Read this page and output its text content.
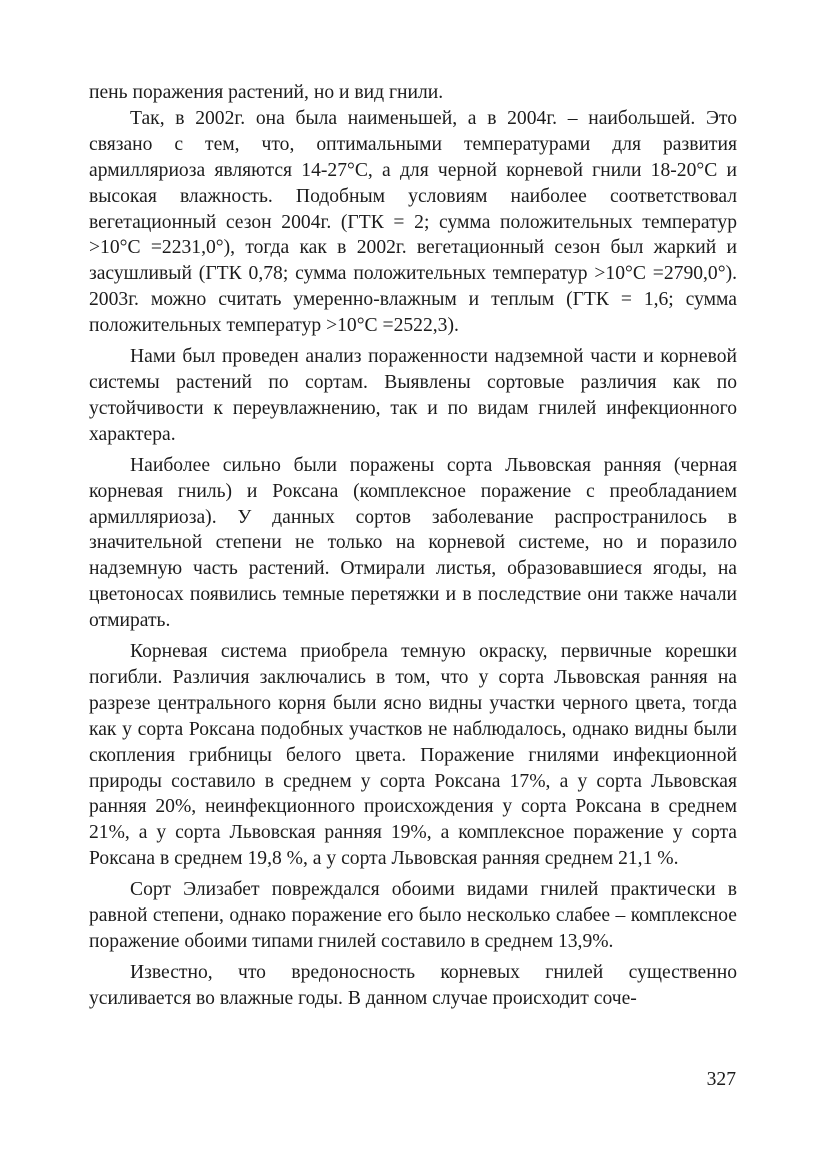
пень поражения растений, но и вид гнили.

Так, в 2002г. она была наименьшей, а в 2004г. – наибольшей. Это связано с тем, что, оптимальными температурами для развития армилляриоза являются 14-27°С, а для черной корневой гнили 18-20°С и высокая влажность. Подобным условиям наиболее соответствовал вегетационный сезон 2004г. (ГТК = 2; сумма положительных температур >10°С =2231,0°), тогда как в 2002г. вегетационный сезон был жаркий и засушливый (ГТК 0,78; сумма положительных температур >10°С =2790,0°). 2003г. можно считать умеренно-влажным и теплым (ГТК = 1,6; сумма положительных температур >10°С =2522,3).

Нами был проведен анализ пораженности надземной части и корневой системы растений по сортам. Выявлены сортовые различия как по устойчивости к переувлажнению, так и по видам гнилей инфекционного характера.

Наиболее сильно были поражены сорта Львовская ранняя (черная корневая гниль) и Роксана (комплексное поражение с преобладанием армилляриоза). У данных сортов заболевание распространилось в значительной степени не только на корневой системе, но и поразило надземную часть растений. Отмирали листья, образовавшиеся ягоды, на цветоносах появились темные перетяжки и в последствие они также начали отмирать.

Корневая система приобрела темную окраску, первичные корешки погибли. Различия заключались в том, что у сорта Львовская ранняя на разрезе центрального корня были ясно видны участки черного цвета, тогда как у сорта Роксана подобных участков не наблюдалось, однако видны были скопления грибницы белого цвета. Поражение гнилями инфекционной природы составило в среднем у сорта Роксана 17%, а у сорта Львовская ранняя 20%, неинфекционного происхождения у сорта Роксана в среднем 21%, а у сорта Львовская ранняя 19%, а комплексное поражение у сорта Роксана в среднем 19,8 %, а у сорта Львовская ранняя среднем 21,1 %.

Сорт Элизабет повреждался обоими видами гнилей практически в равной степени, однако поражение его было несколько слабее – комплексное поражение обоими типами гнилей составило в среднем 13,9%.

Известно, что вредоносность корневых гнилей существенно усиливается во влажные годы. В данном случае происходит соче-

327
